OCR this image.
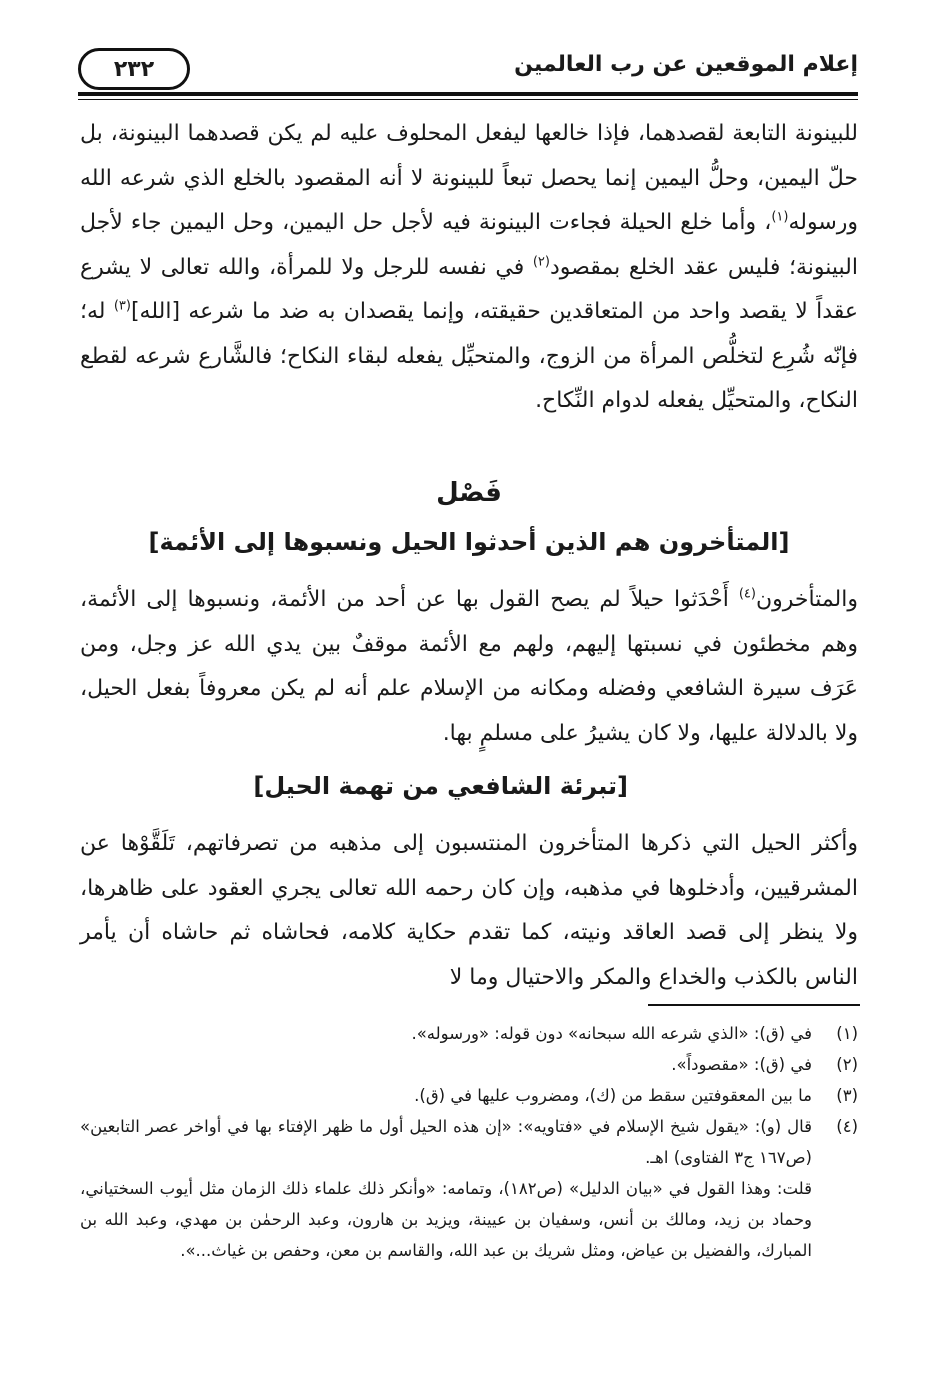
٢٣٢	إعلام الموقعين عن رب العالمين

للبينونة التابعة لقصدهما، فإذا خالعها ليفعل المحلوف عليه لم يكن قصدهما البينونة، بل حلّ اليمين، وحلُّ اليمين إنما يحصل تبعاً للبينونة لا أنه المقصود بالخلع الذي شرعه الله ورسوله$^{(١)}$، وأما خلع الحيلة فجاءت البينونة فيه لأجل حل اليمين، وحل اليمين جاء لأجل البينونة؛ فليس عقد الخلع بمقصود$^{(٢)}$ في نفسه للرجل ولا للمرأة، والله تعالى لا يشرع عقداً لا يقصد واحد من المتعاقدين حقيقته، وإنما يقصدان به ضد ما شرعه [الله]$^{(٣)}$ له؛ فإنّه شُرِع لتخلُّص المرأة من الزوج، والمتحيِّل يفعله لبقاء النكاح؛ فالشَّارع شرعه لقطع النكاح، والمتحيِّل يفعله لدوام النِّكاح.

فَصْل
[المتأخرون هم الذين أحدثوا الحيل ونسبوها إلى الأئمة]

والمتأخرون$^{(٤)}$ أَحْدَثوا حيلاً لم يصح القول بها عن أحد من الأئمة، ونسبوها إلى الأئمة، وهم مخطئون في نسبتها إليهم، ولهم مع الأئمة موقفٌ بين يدي الله عز وجل، ومن عَرَف سيرة الشافعي وفضله ومكانه من الإسلام علم أنه لم يكن معروفاً بفعل الحيل، ولا بالدلالة عليها، ولا كان يشيرُ على مسلمٍ بها.

[تبرئة الشافعي من تهمة الحيل]

وأكثر الحيل التي ذكرها المتأخرون المنتسبون إلى مذهبه من تصرفاتهم، تَلَقَّوْها عن المشرقيين، وأدخلوها في مذهبه، وإن كان رحمه الله تعالى يجري العقود على ظاهرها، ولا ينظر إلى قصد العاقد ونيته، كما تقدم حكاية كلامه، فحاشاه ثم حاشاه أن يأمر الناس بالكذب والخداع والمكر والاحتيال وما لا

(١)
في (ق): «الذي شرعه الله سبحانه» دون قوله: «ورسوله».
(٢)
في (ق): «مقصوداً».
(٣)
ما بين المعقوفتين سقط من (ك)، ومضروب عليها في (ق).
(٤)
قال (و): «يقول شيخ الإسلام في «فتاويه»: «إن هذه الحيل أول ما ظهر الإفتاء بها في أواخر عصر التابعين» (ص١٦٧ ج٣ الفتاوى) اهـ.
قلت: وهذا القول في «بيان الدليل» (ص١٨٢)، وتمامه: «وأنكر ذلك علماء ذلك الزمان مثل أيوب السختياني، وحماد بن زيد، ومالك بن أنس، وسفيان بن عيينة، ويزيد بن هارون، وعبد الرحمٰن بن مهدي، وعبد الله بن المبارك، والفضيل بن عياض، ومثل شريك بن عبد الله، والقاسم بن معن، وحفص بن غياث...».
